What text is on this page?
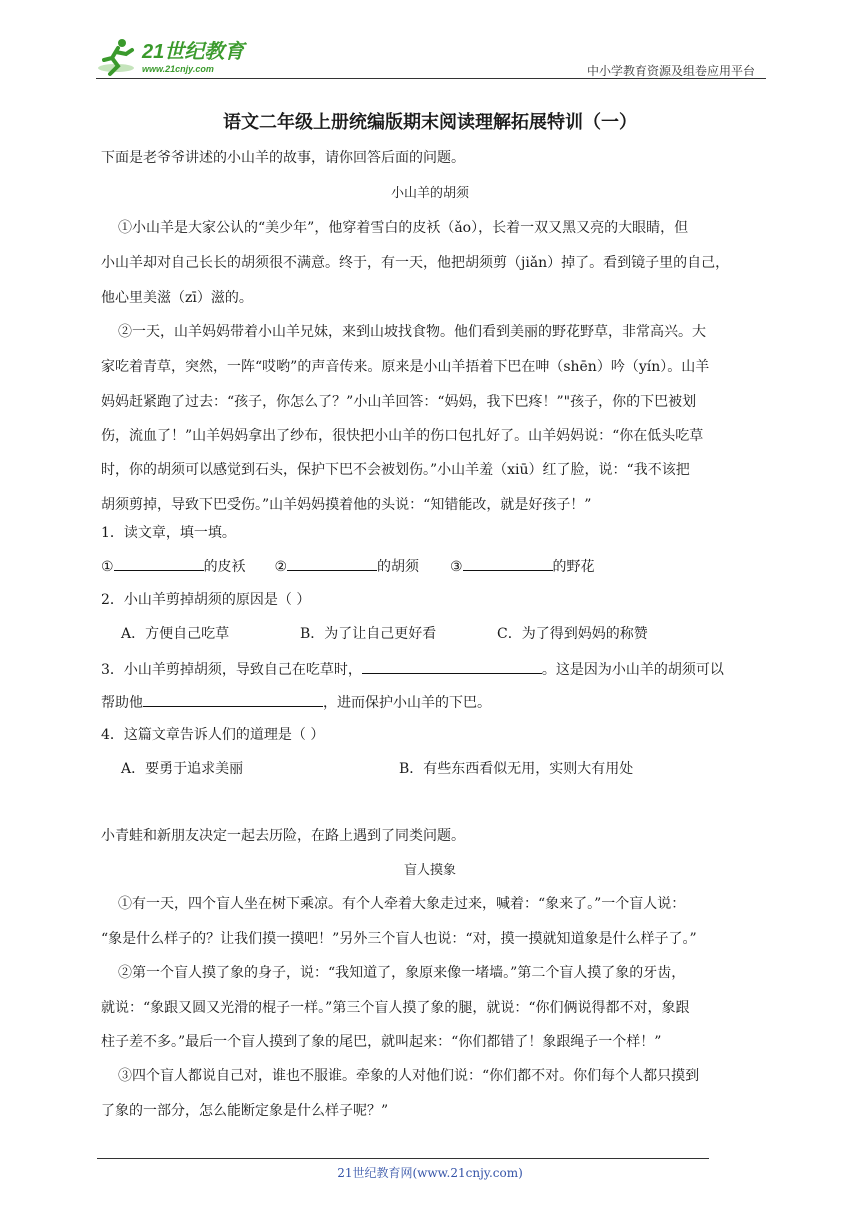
21世纪教育
www.21cnjy.com	中小学教育资源及组卷应用平台
语文二年级上册统编版期末阅读理解拓展特训（一）
下面是老爷爷讲述的小山羊的故事，请你回答后面的问题。
小山羊的胡须
①小山羊是大家公认的“美少年”，他穿着雪白的皮袄（ǎo），长着一双又黑又亮的大眼睛，但
小山羊却对自己长长的胡须很不满意。终于，有一天，他把胡须剪（jiǎn）掉了。看到镜子里的自己，
他心里美滋（zī）滋的。
②一天，山羊妈妈带着小山羊兄妹，来到山坡找食物。他们看到美丽的野花野草，非常高兴。大
家吃着青草，突然，一阵“哎哟”的声音传来。原来是小山羊捂着下巴在呻（shēn）吟（yín）。山羊
妈妈赶紧跑了过去：“孩子，你怎么了？”小山羊回答：“妈妈，我下巴疼！”"孩子，你的下巴被划
伤，流血了！”山羊妈妈拿出了纱布，很快把小山羊的伤口包扎好了。山羊妈妈说：“你在低头吃草
时，你的胡须可以感觉到石头，保护下巴不会被划伤。”小山羊羞（xiū）红了脸，说：“我不该把
胡须剪掉，导致下巴受伤。”山羊妈妈摸着他的头说：“知错能改，就是好孩子！”
1．读文章，填一填。
①	的皮袄 ②	的胡须 ③	的野花
2．小山羊剪掉胡须的原因是（ ）
A．方便自己吃草	B．为了让自己更好看	C．为了得到妈妈的称赞
3．小山羊剪掉胡须，导致自己在吃草时，	。这是因为小山羊的胡须可以
帮助他	，进而保护小山羊的下巴。
4．这篇文章告诉人们的道理是（ ）
A．要勇于追求美丽	B．有些东西看似无用，实则大有用处
小青蛙和新朋友决定一起去历险，在路上遇到了同类问题。
盲人摸象
①有一天，四个盲人坐在树下乘凉。有个人牵着大象走过来，喊着：“象来了。”一个盲人说：
“象是什么样子的？让我们摸一摸吧！”另外三个盲人也说：“对，摸一摸就知道象是什么样子了。”
②第一个盲人摸了象的身子，说：“我知道了，象原来像一堵墙。”第二个盲人摸了象的牙齿，
就说：“象跟又圆又光滑的棍子一样。”第三个盲人摸了象的腿，就说：“你们俩说得都不对，象跟
柱子差不多。”最后一个盲人摸到了象的尾巴，就叫起来：“你们都错了！象跟绳子一个样！”
③四个盲人都说自己对，谁也不服谁。牵象的人对他们说：“你们都不对。你们每个人都只摸到
了象的一部分，怎么能断定象是什么样子呢？”
21世纪教育网(www.21cnjy.com)
